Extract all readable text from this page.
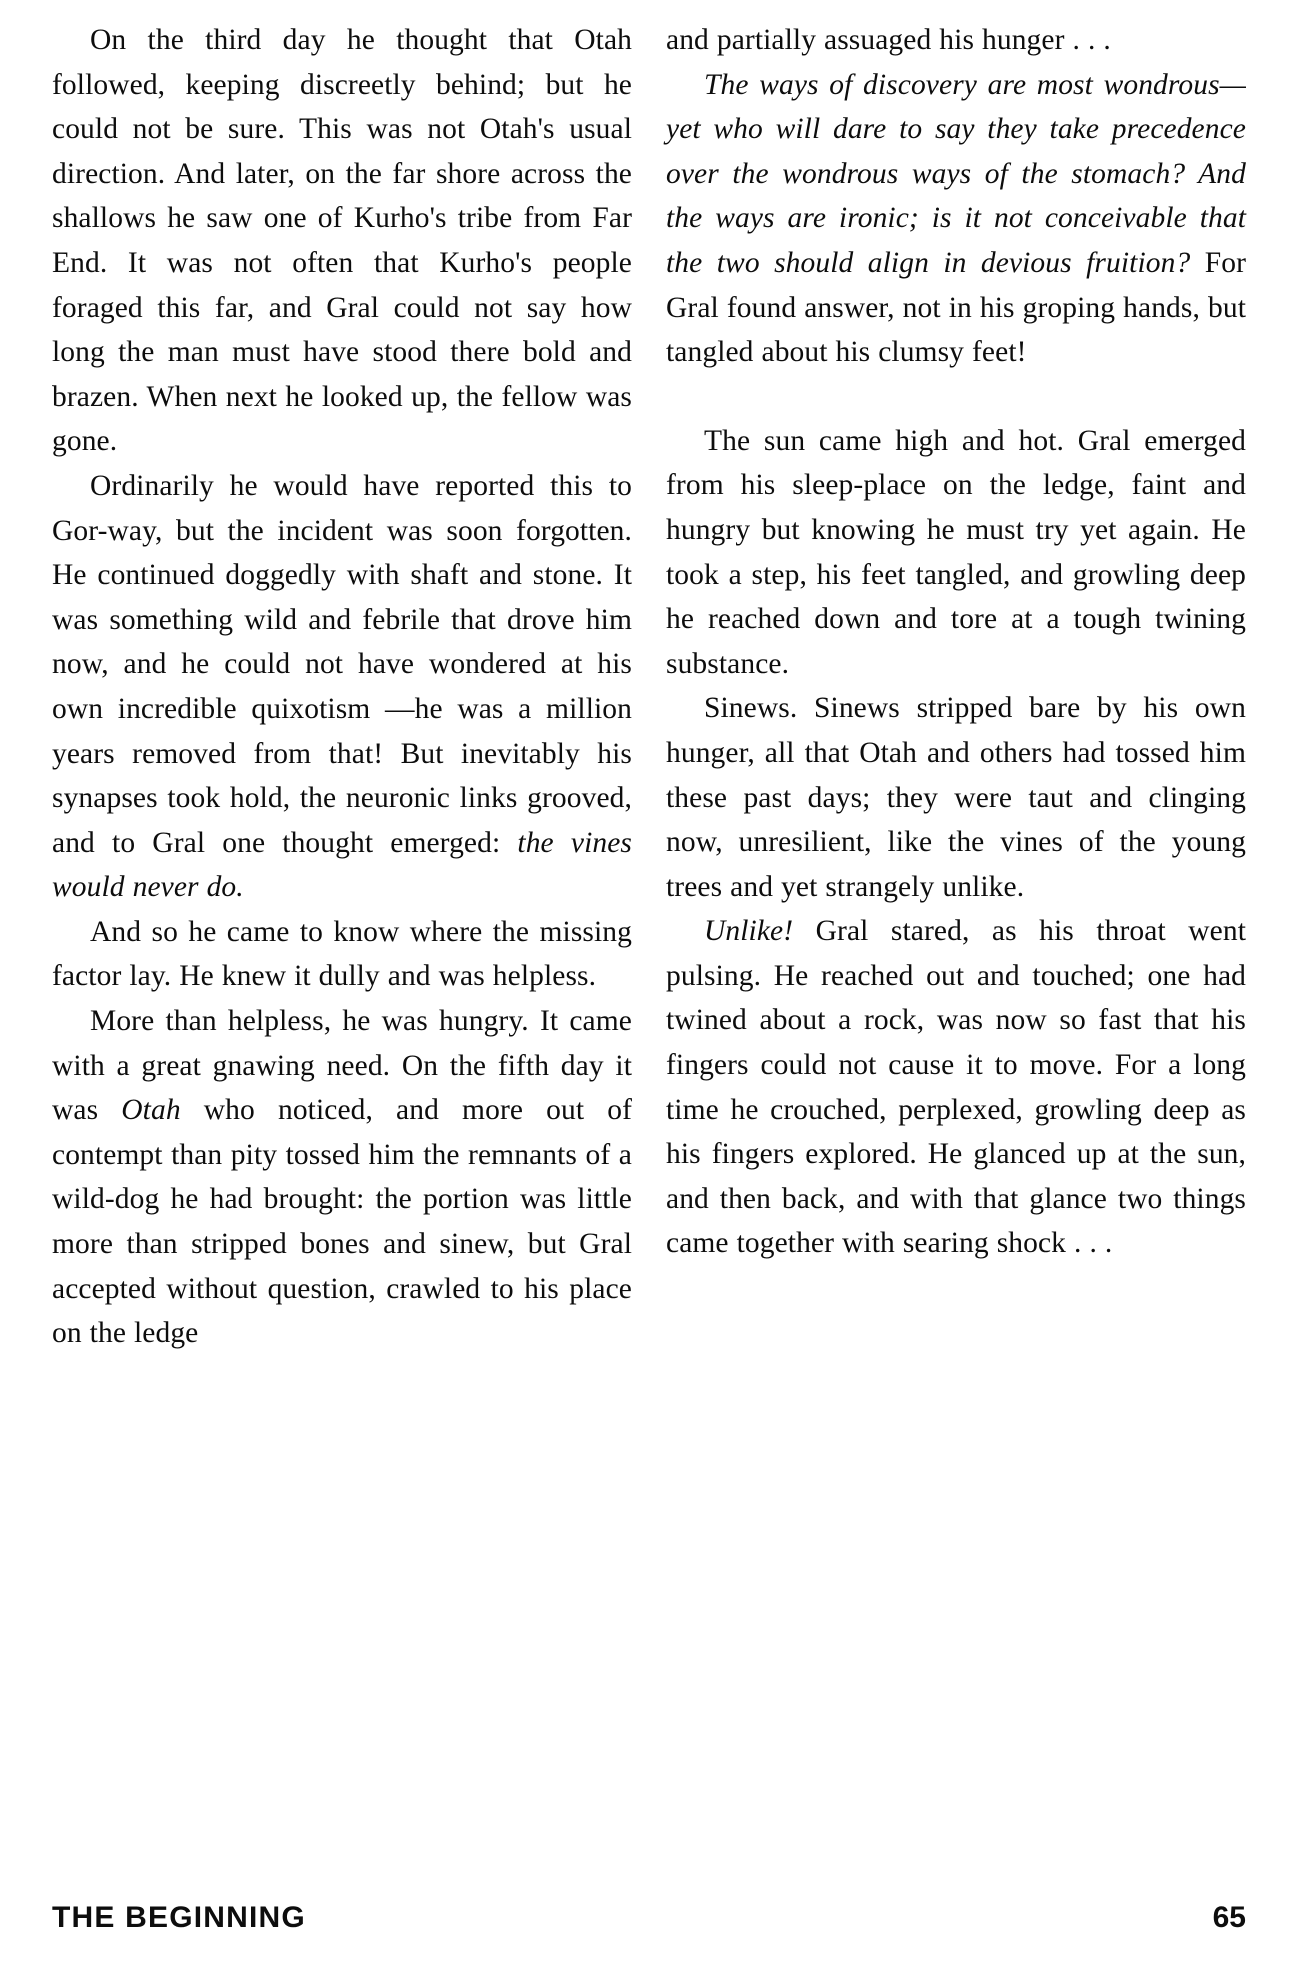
On the third day he thought that Otah followed, keeping discreetly behind; but he could not be sure. This was not Otah's usual direction. And later, on the far shore across the shallows he saw one of Kurho's tribe from Far End. It was not often that Kurho's people foraged this far, and Gral could not say how long the man must have stood there bold and brazen. When next he looked up, the fellow was gone.

Ordinarily he would have reported this to Gor-way, but the incident was soon forgotten. He continued doggedly with shaft and stone. It was something wild and febrile that drove him now, and he could not have wondered at his own incredible quixotism —he was a million years removed from that! But inevitably his synapses took hold, the neuronic links grooved, and to Gral one thought emerged: the vines would never do.

And so he came to know where the missing factor lay. He knew it dully and was helpless.

More than helpless, he was hungry. It came with a great gnawing need. On the fifth day it was Otah who noticed, and more out of contempt than pity tossed him the remnants of a wild-dog he had brought: the portion was little more than stripped bones and sinew, but Gral accepted without question, crawled to his place on the ledge

and partially assuaged his hunger . . .

The ways of discovery are most wondrous—yet who will dare to say they take precedence over the wondrous ways of the stomach? And the ways are ironic; is it not conceivable that the two should align in devious fruition? For Gral found answer, not in his groping hands, but tangled about his clumsy feet!

The sun came high and hot. Gral emerged from his sleep-place on the ledge, faint and hungry but knowing he must try yet again. He took a step, his feet tangled, and growling deep he reached down and tore at a tough twining substance.

Sinews. Sinews stripped bare by his own hunger, all that Otah and others had tossed him these past days; they were taut and clinging now, unresilient, like the vines of the young trees and yet strangely unlike.

Unlike! Gral stared, as his throat went pulsing. He reached out and touched; one had twined about a rock, was now so fast that his fingers could not cause it to move. For a long time he crouched, perplexed, growling deep as his fingers explored. He glanced up at the sun, and then back, and with that glance two things came together with searing shock . . .

THE BEGINNING	65
